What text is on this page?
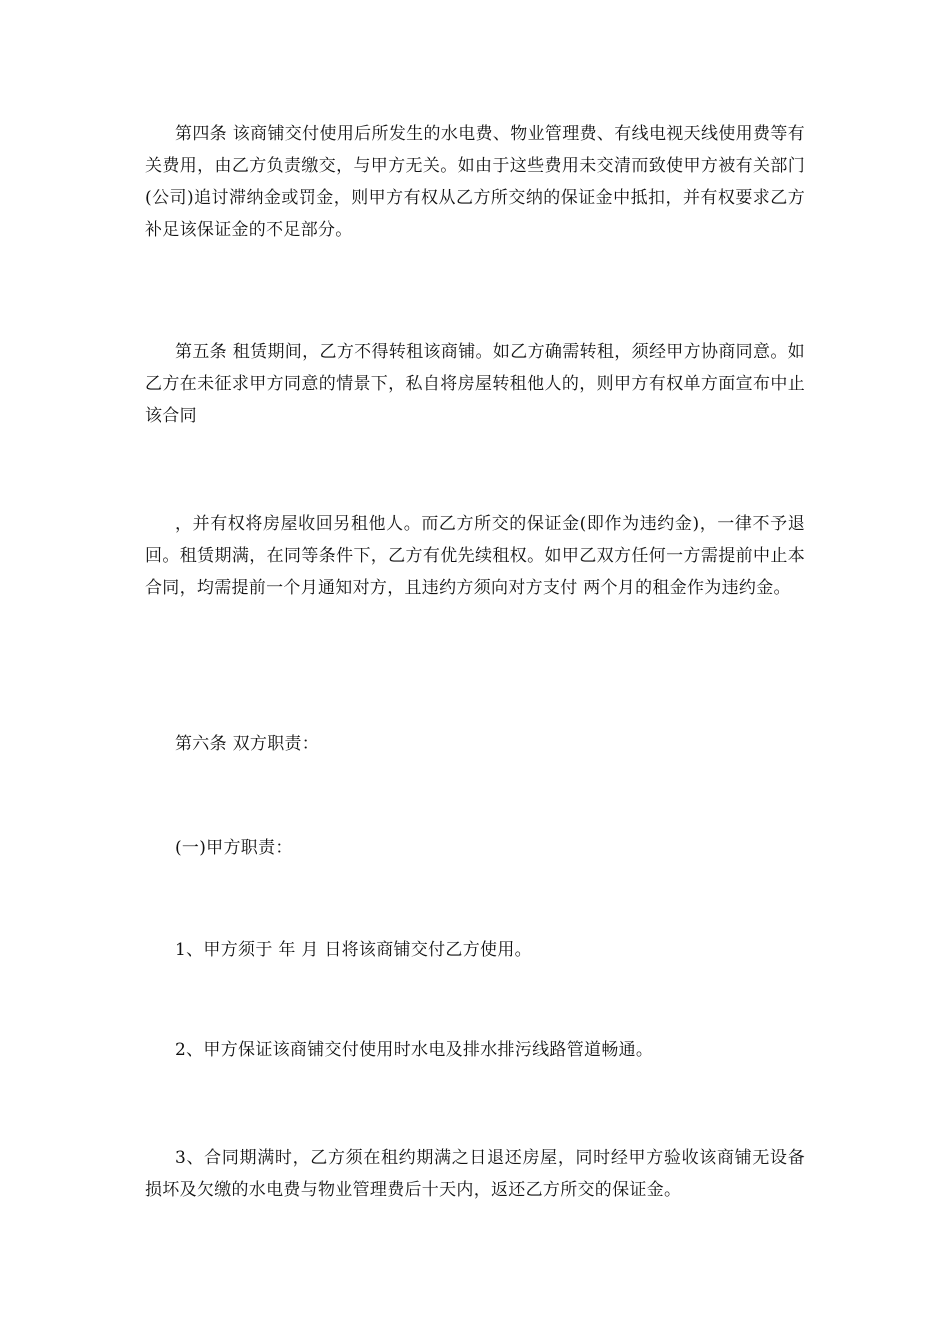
第四条 该商铺交付使用后所发生的水电费、物业管理费、有线电视天线使用费等有关费用，由乙方负责缴交，与甲方无关。如由于这些费用未交清而致使甲方被有关部门(公司)追讨滞纳金或罚金，则甲方有权从乙方所交纳的保证金中抵扣，并有权要求乙方补足该保证金的不足部分。

第五条 租赁期间，乙方不得转租该商铺。如乙方确需转租，须经甲方协商同意。如乙方在未征求甲方同意的情景下，私自将房屋转租他人的，则甲方有权单方面宣布中止该合同

，并有权将房屋收回另租他人。而乙方所交的保证金(即作为违约金)，一律不予退回。租赁期满，在同等条件下，乙方有优先续租权。如甲乙双方任何一方需提前中止本合同，均需提前一个月通知对方，且违约方须向对方支付 两个月的租金作为违约金。

第六条 双方职责：

(一)甲方职责：

1、甲方须于 年 月 日将该商铺交付乙方使用。

2、甲方保证该商铺交付使用时水电及排水排污线路管道畅通。

3、合同期满时，乙方须在租约期满之日退还房屋，同时经甲方验收该商铺无设备损坏及欠缴的水电费与物业管理费后十天内，返还乙方所交的保证金。
